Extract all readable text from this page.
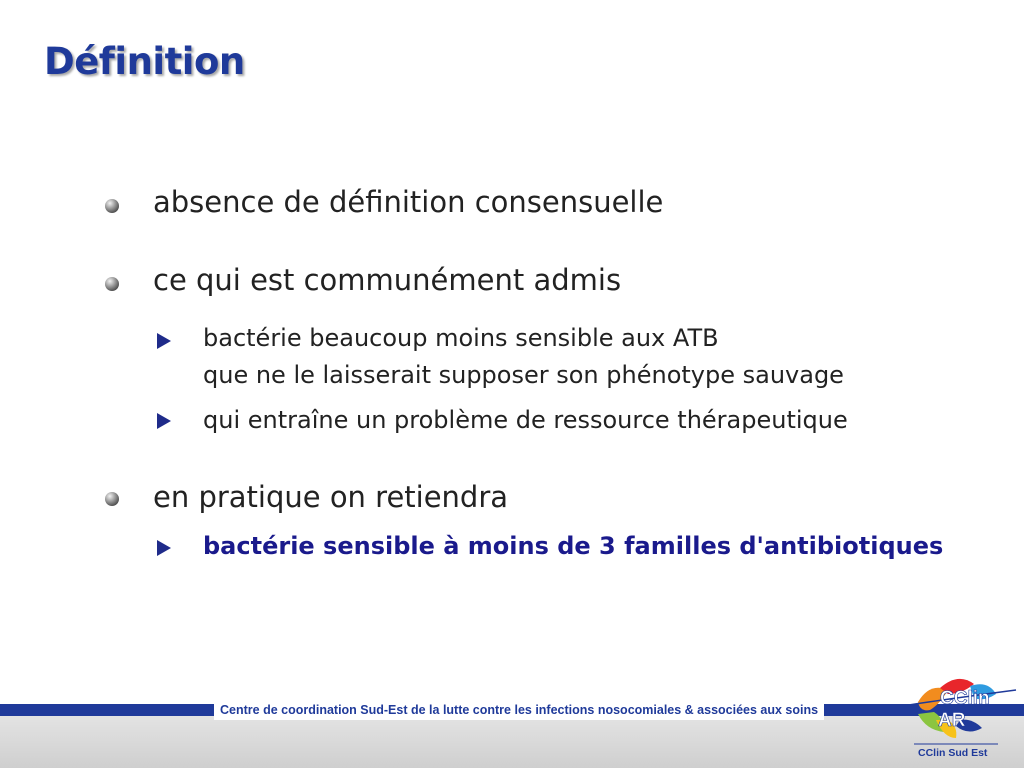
Définition
absence de définition consensuelle
ce qui est communément admis
bactérie beaucoup moins sensible aux ATB
que ne le laisserait supposer son phénotype sauvage
qui entraîne un problème de ressource thérapeutique
en pratique on retiendra
bactérie sensible à moins de 3 familles d'antibiotiques
Centre de coordination Sud-Est de la lutte contre les infections nosocomiales & associées aux soins
CClin
AR
CClin Sud Est
